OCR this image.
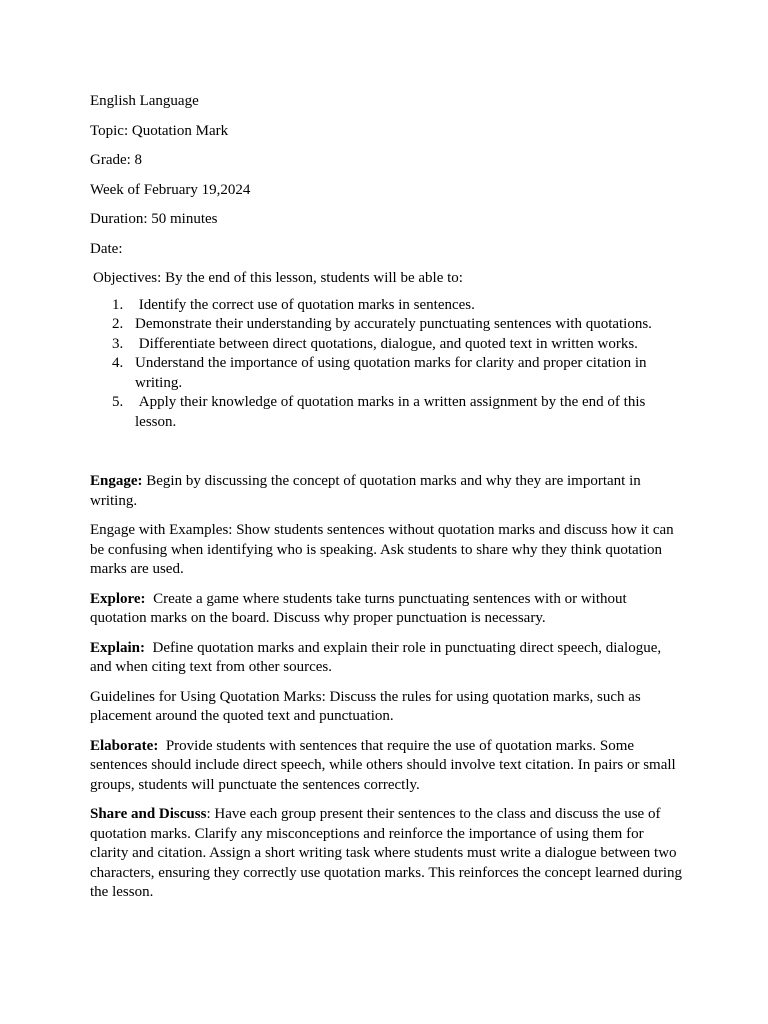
English Language
Topic: Quotation Mark
Grade: 8
Week of February 19,2024
Duration: 50 minutes
Date:
Objectives: By the end of this lesson, students will be able to:
1. Identify the correct use of quotation marks in sentences.
2. Demonstrate their understanding by accurately punctuating sentences with quotations.
3. Differentiate between direct quotations, dialogue, and quoted text in written works.
4. Understand the importance of using quotation marks for clarity and proper citation in writing.
5. Apply their knowledge of quotation marks in a written assignment by the end of this lesson.

Engage: Begin by discussing the concept of quotation marks and why they are important in writing.

Engage with Examples: Show students sentences without quotation marks and discuss how it can be confusing when identifying who is speaking. Ask students to share why they think quotation marks are used.

Explore:  Create a game where students take turns punctuating sentences with or without quotation marks on the board. Discuss why proper punctuation is necessary.

Explain:  Define quotation marks and explain their role in punctuating direct speech, dialogue, and when citing text from other sources.

Guidelines for Using Quotation Marks: Discuss the rules for using quotation marks, such as placement around the quoted text and punctuation.

Elaborate:  Provide students with sentences that require the use of quotation marks. Some sentences should include direct speech, while others should involve text citation. In pairs or small groups, students will punctuate the sentences correctly.

Share and Discuss: Have each group present their sentences to the class and discuss the use of quotation marks. Clarify any misconceptions and reinforce the importance of using them for clarity and citation. Assign a short writing task where students must write a dialogue between two characters, ensuring they correctly use quotation marks. This reinforces the concept learned during the lesson.
